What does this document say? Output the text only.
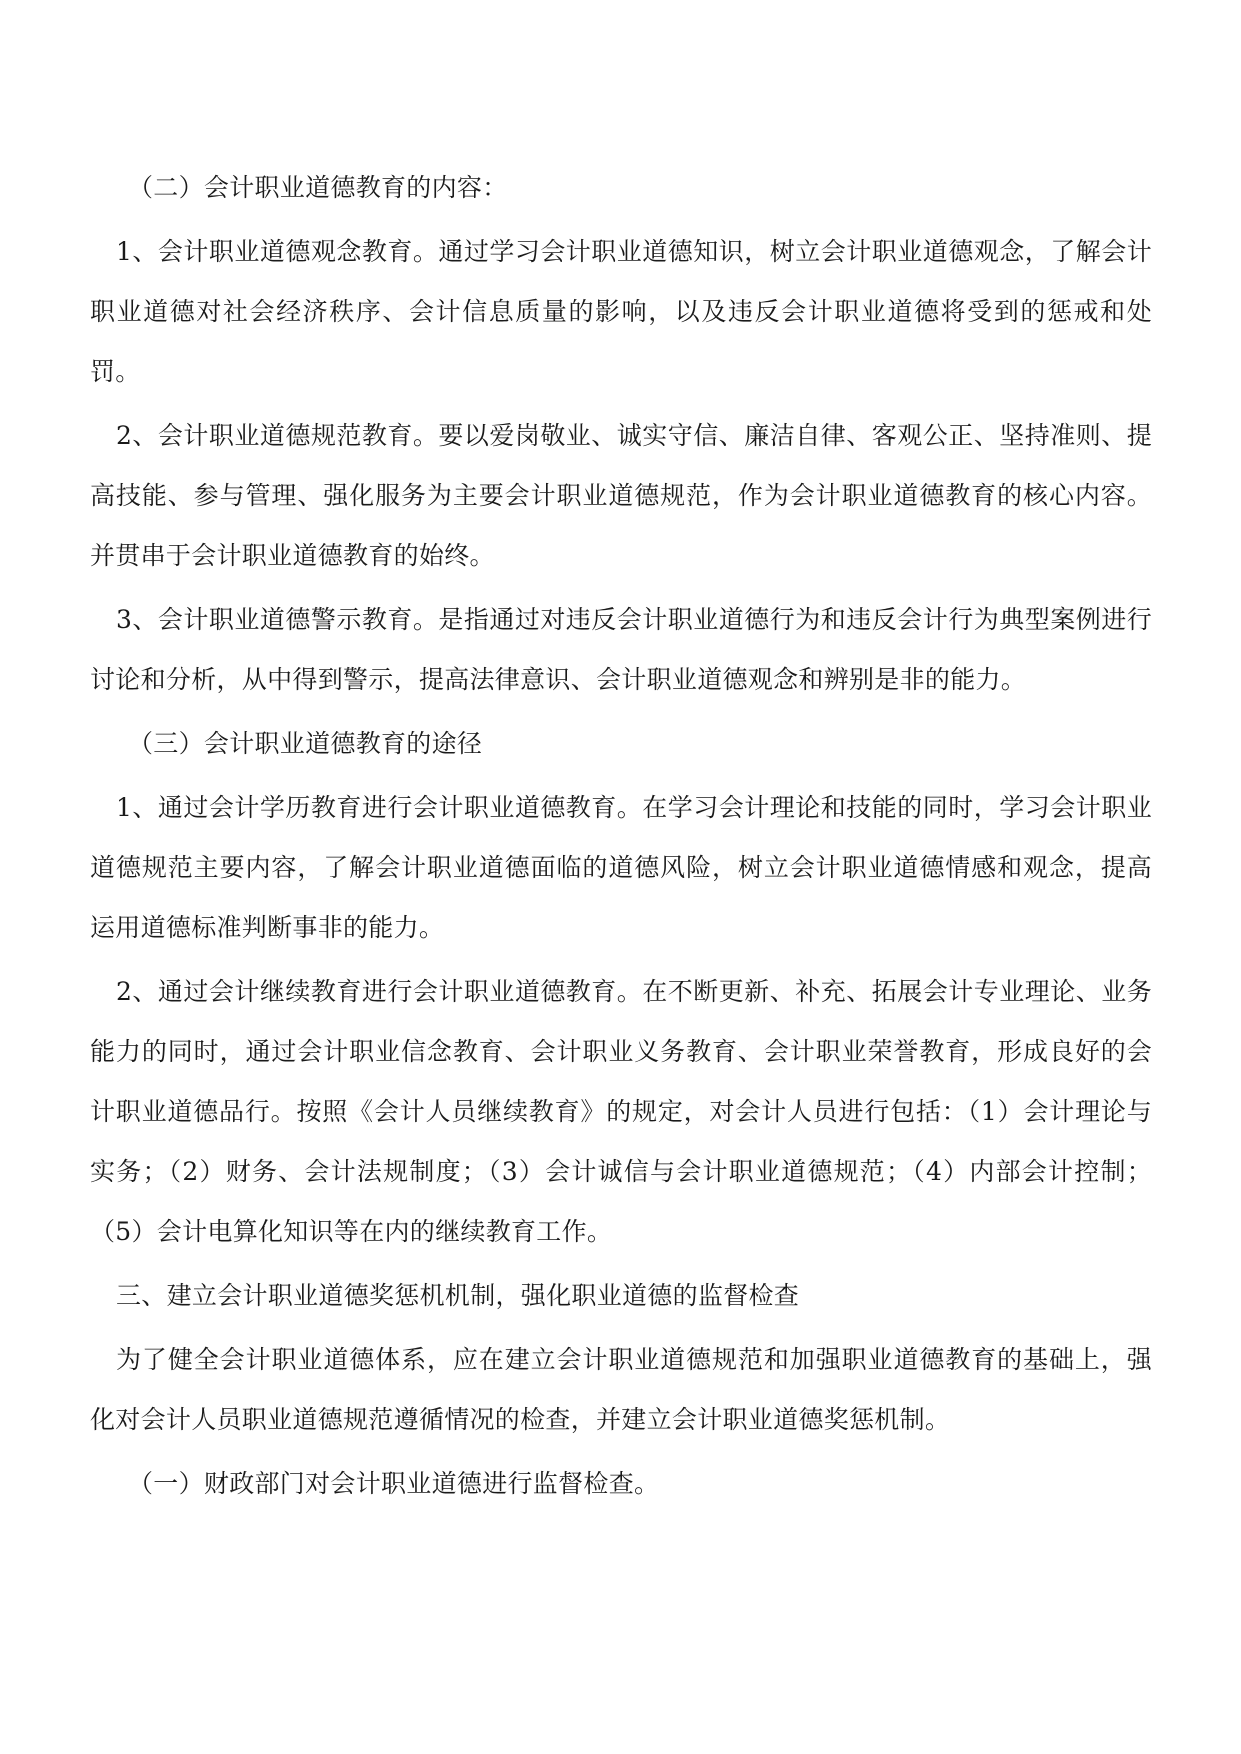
（二）会计职业道德教育的内容：

1、会计职业道德观念教育。通过学习会计职业道德知识，树立会计职业道德观念，了解会计职业道德对社会经济秩序、会计信息质量的影响，以及违反会计职业道德将受到的惩戒和处罚。

2、会计职业道德规范教育。要以爱岗敬业、诚实守信、廉洁自律、客观公正、坚持准则、提高技能、参与管理、强化服务为主要会计职业道德规范，作为会计职业道德教育的核心内容。并贯串于会计职业道德教育的始终。

3、会计职业道德警示教育。是指通过对违反会计职业道德行为和违反会计行为典型案例进行讨论和分析，从中得到警示，提高法律意识、会计职业道德观念和辨别是非的能力。

（三）会计职业道德教育的途径

1、通过会计学历教育进行会计职业道德教育。在学习会计理论和技能的同时，学习会计职业道德规范主要内容，了解会计职业道德面临的道德风险，树立会计职业道德情感和观念，提高运用道德标准判断事非的能力。

2、通过会计继续教育进行会计职业道德教育。在不断更新、补充、拓展会计专业理论、业务能力的同时，通过会计职业信念教育、会计职业义务教育、会计职业荣誉教育，形成良好的会计职业道德品行。按照《会计人员继续教育》的规定，对会计人员进行包括：（1）会计理论与实务；（2）财务、会计法规制度；（3）会计诚信与会计职业道德规范；（4）内部会计控制；（5）会计电算化知识等在内的继续教育工作。

三、建立会计职业道德奖惩机机制，强化职业道德的监督检查

为了健全会计职业道德体系，应在建立会计职业道德规范和加强职业道德教育的基础上，强化对会计人员职业道德规范遵循情况的检查，并建立会计职业道德奖惩机制。

（一）财政部门对会计职业道德进行监督检查。
